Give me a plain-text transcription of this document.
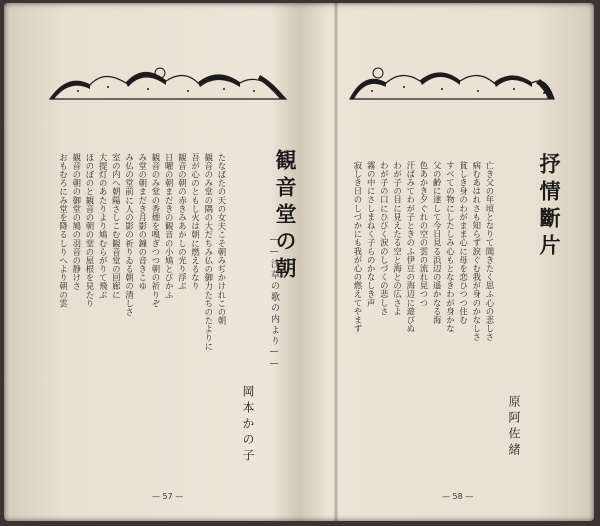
観音堂の朝
——浅草の歌の内より——
岡本かの子
たなばたの天の女夫こそ朝みぢかけれこの朝
観音のみ堂の隅の大だちみ仏の御力たちのたよりに
吾が心のともし火は朝に燃えるなり
観音の朝の赤きみあかしの光り浮ぶ
日曜の朝まだきの観音の小鳩とびかふ
観音のみ堂の香煙を嗅ぎつつ朝の祈りぞ
み堂の朝まだき月影の鐘の音きこゆ
み仏の堂前に人の影の祈りゐる朝の清しさ
室の内へ朝陽さしこむ観音堂の回廊に
大提灯のあたりより鳩むらがりて飛ぶ
ほのぼのと観音の朝の堂の屋根を見たり
観音の朝の御堂の鳩の羽音の静けさ
おもむろにみ堂を降るしりへより朝の雲
— 57 —
抒情斷片
原阿佐緒
亡き父の年頃となりて聞きたく思ふ心の悲しさ
病むあはれさも知らず涙ぐむ我が身のかなしさ
貧しき身のわがまま心に母を恋ひつつ住む
すべての物にしたしみ心もとなきわが身かな
父の齢に達して今日見る浜辺の遥かなる海
色あかき夕ぐれの空の雲の流れ見つつ
汗ばみてわが子ときのふ伊豆の海辺に遊びぬ
わが子の目に見えたる空と海との広さよ
わが子の口にひびく涙のしづくの悲しさ
霧の中にさしまねく子らのかなしき声
寂しき日のしづかにも我が心の燃えてやまず
— 58 —
